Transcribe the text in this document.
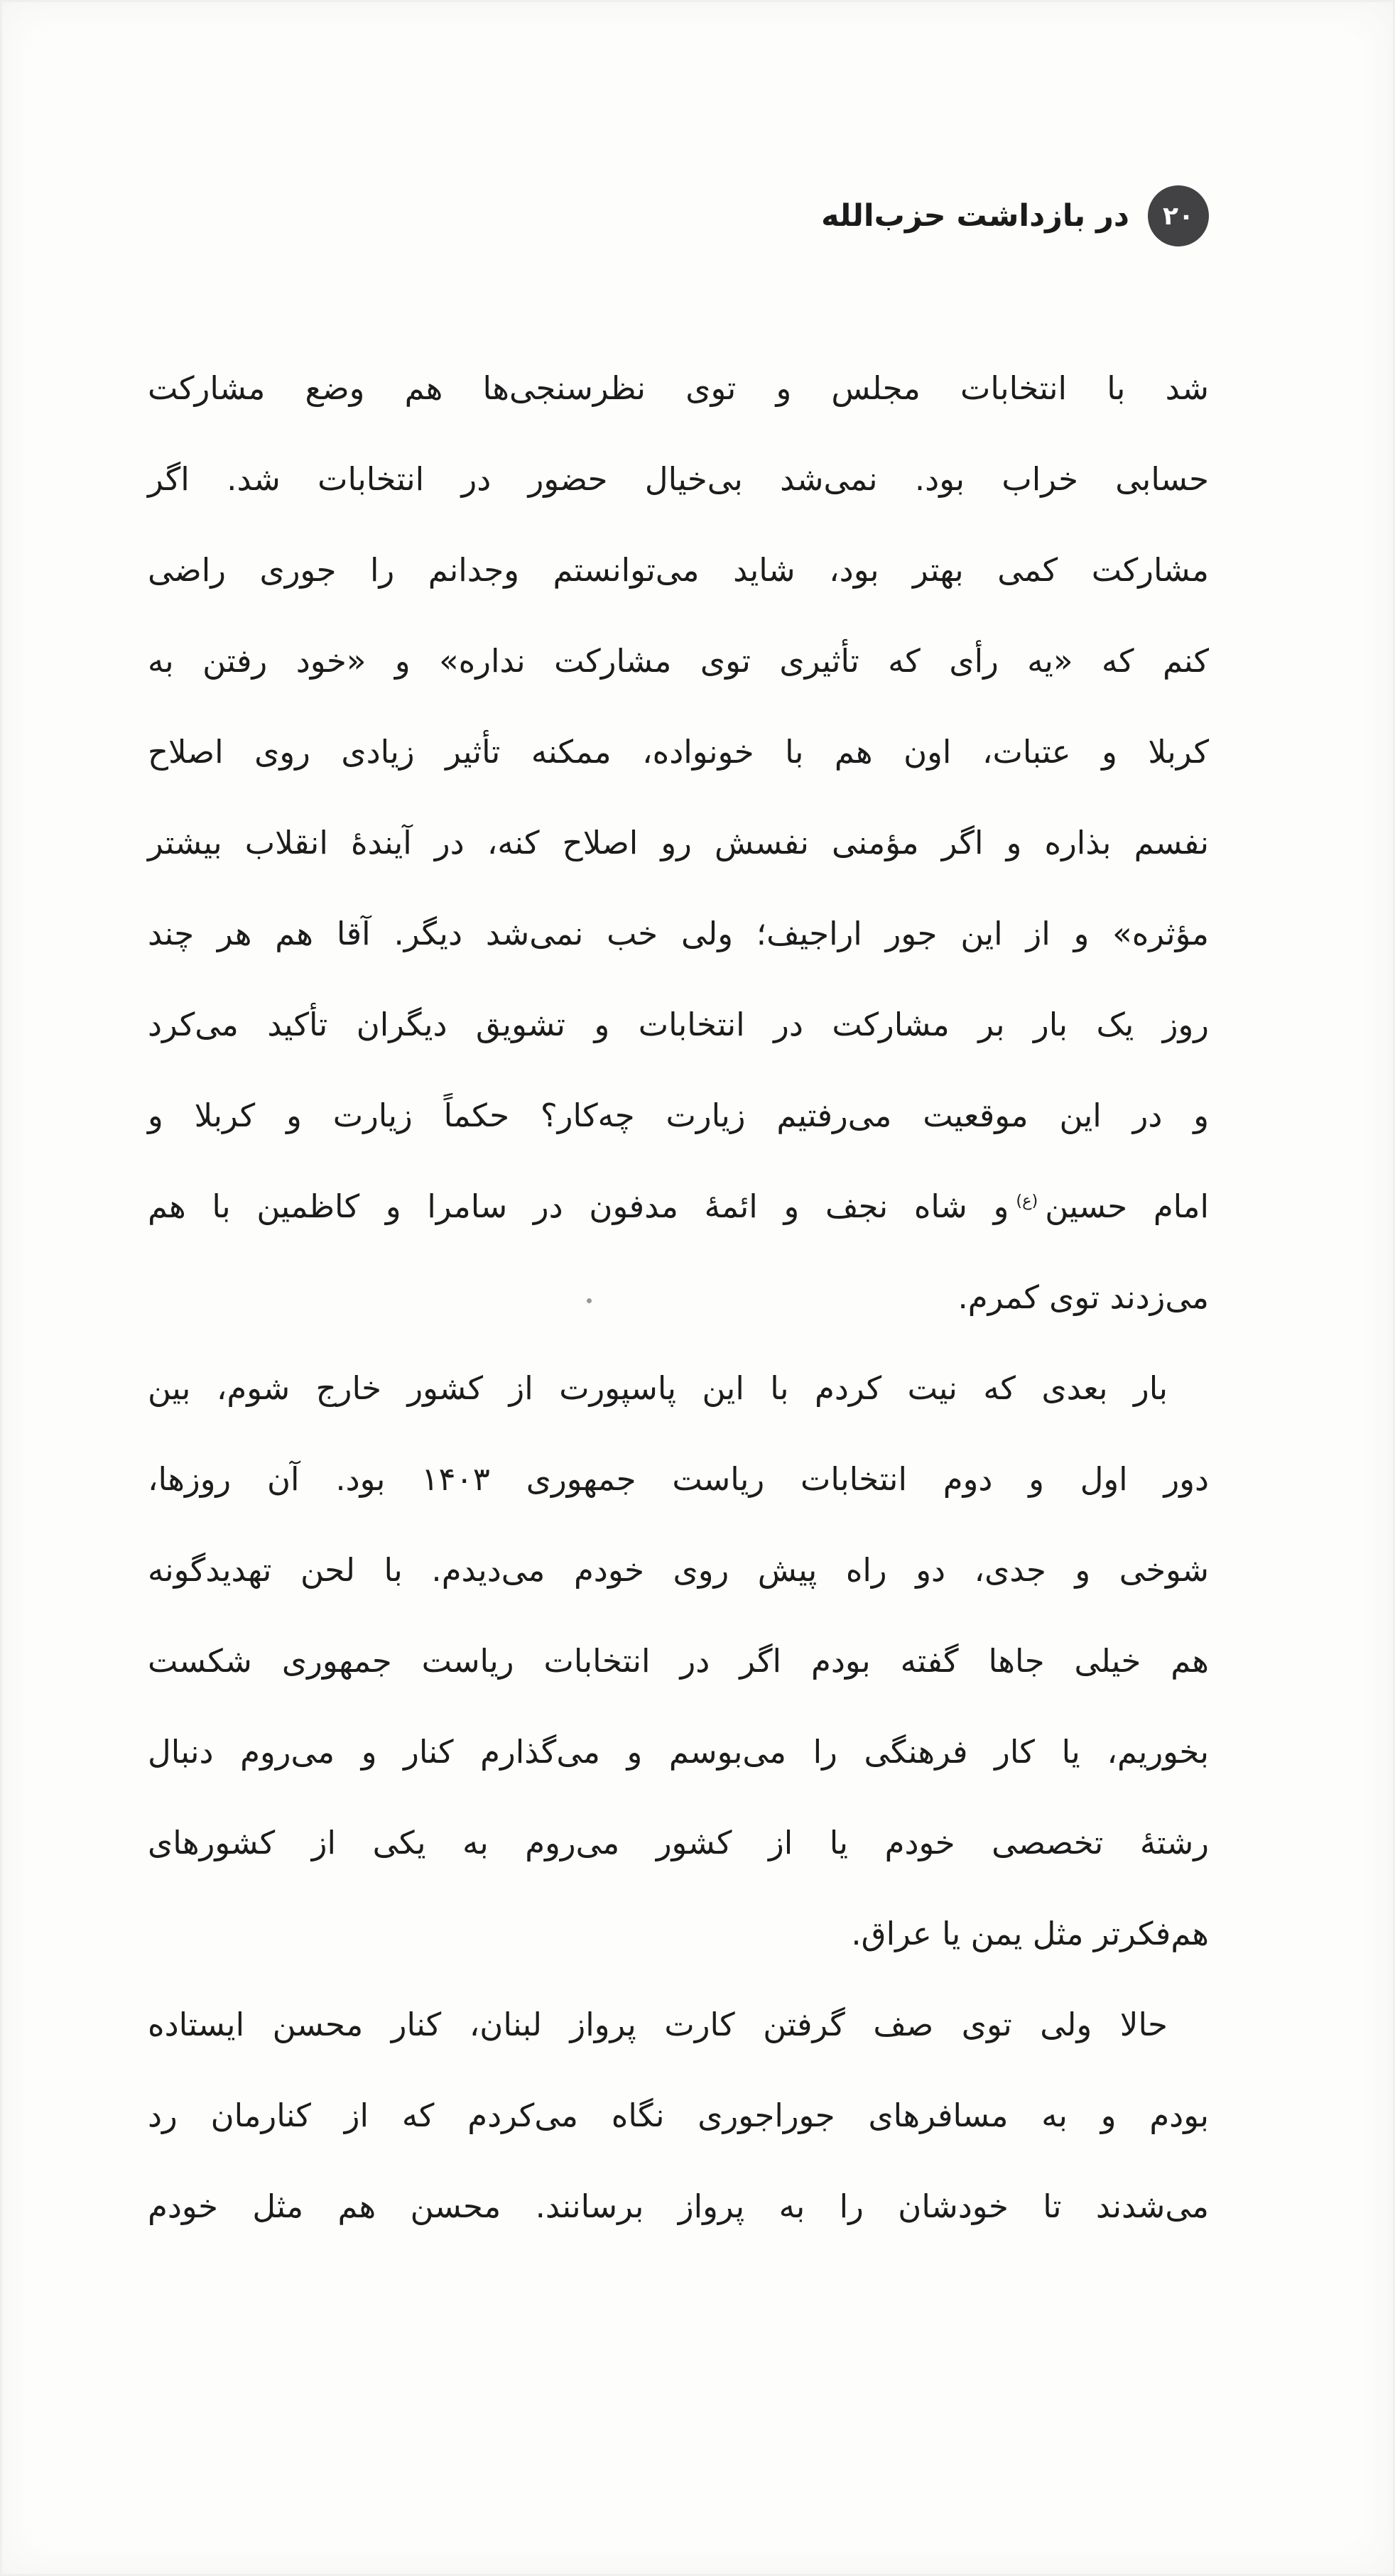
۲۰
در بازداشت حزب‌الله
شد با انتخابات مجلس و توی نظرسنجی‌ها هم وضع مشارکت
حسابی خراب بود. نمی‌شد بی‌خیال حضور در انتخابات شد. اگر
مشارکت کمی بهتر بود، شاید می‌توانستم وجدانم را جوری راضی
کنم که «یه رأی که تأثیری توی مشارکت نداره» و «خود رفتن به
کربلا و عتبات، اون هم با خونواده، ممکنه تأثیر زیادی روی اصلاح
نفسم بذاره و اگر مؤمنی نفسش رو اصلاح کنه، در آیندهٔ انقلاب بیشتر
مؤثره» و از این جور اراجیف؛ ولی خب نمی‌شد دیگر. آقا هم هر چند
روز یک بار بر مشارکت در انتخابات و تشویق دیگران تأکید می‌کرد
و در این موقعیت می‌رفتیم زیارت چه‌کار؟ حکماً زیارت و کربلا و
امام حسین$^{(ع)}$و شاه نجف و ائمهٔ مدفون در سامرا و کاظمین با هم
می‌زدند توی کمرم.
بار بعدی که نیت کردم با این پاسپورت از کشور خارج شوم، بین
دور اول و دوم انتخابات ریاست جمهوری ۱۴۰۳ بود. آن روزها،
شوخی و جدی، دو راه پیش روی خودم می‌دیدم. با لحن تهدیدگونه
هم خیلی جاها گفته بودم اگر در انتخابات ریاست جمهوری شکست
بخوریم، یا کار فرهنگی را می‌بوسم و می‌گذارم کنار و می‌روم دنبال
رشتهٔ تخصصی خودم یا از کشور می‌روم به یکی از کشورهای
هم‌فکرتر مثل یمن یا عراق.
حالا ولی توی صف گرفتن کارت پرواز لبنان، کنار محسن ایستاده
بودم و به مسافرهای جوراجوری نگاه می‌کردم که از کنارمان رد
می‌شدند تا خودشان را به پرواز برسانند. محسن هم مثل خودم
